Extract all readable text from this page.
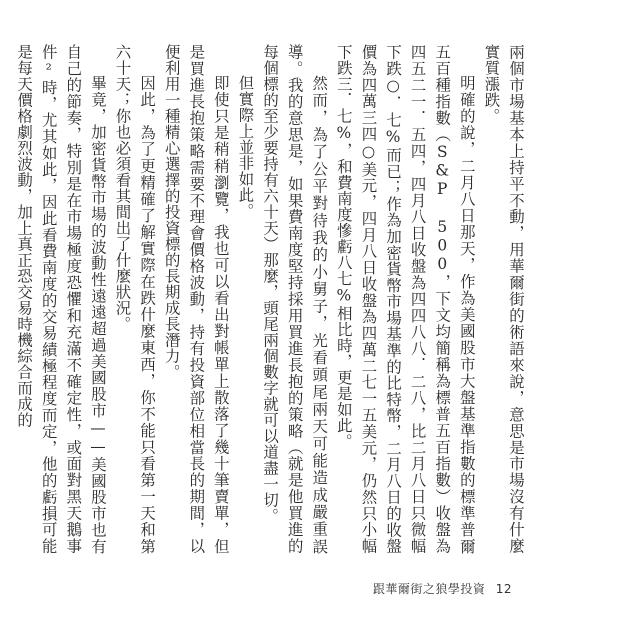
兩個市場基本上持平不動，用華爾街的術語來說，意思是市場沒有什麼實質漲跌。

明確的說，二月八日那天，作為美國股市大盤基準指數的標準普爾五百種指數（S&P 500，下文均簡稱為標普五百指數）收盤為四五二一．五四，四月八日收盤為四四八八．二八，比二月八日只微幅下跌○．七%而已；作為加密貨幣市場基準的比特幣，二月八日的收盤價為四萬三四○美元，四月八日收盤為四萬二七一五美元，仍然只小幅下跌三．七%，和費南度慘虧八七%相比時，更是如此。

然而，為了公平對待我的小舅子，光看頭尾兩天可能造成嚴重誤導。我的意思是，如果費南度堅持採用買進長抱的策略（就是他買進的每個標的至少要持有六十天）那麼，頭尾兩個數字就可以道盡一切。

但實際上並非如此。

即使只是稍稍瀏覽，我也可以看出對帳單上散落了幾十筆賣單，但是買進長抱策略需要不理會價格波動，持有投資部位相當長的期間，以便利用一種精心選擇的投資標的長期成長潛力。

因此，為了更精確了解實際在跌什麼東西，你不能只看第一天和第六十天；你也必須看其間出了什麼狀況。

畢竟，加密貨幣市場的波動性遠遠超過美國股市——美國股市也有自己的節奏，特別是在市場極度恐懼和充滿不確定性，或面對黑天鵝事件²時，尤其如此，因此看費南度的交易績極程度而定，他的虧損可能是每天價格劇烈波動，加上真正恐交易時機綜合而成的

跟華爾街之狼學投資 12
